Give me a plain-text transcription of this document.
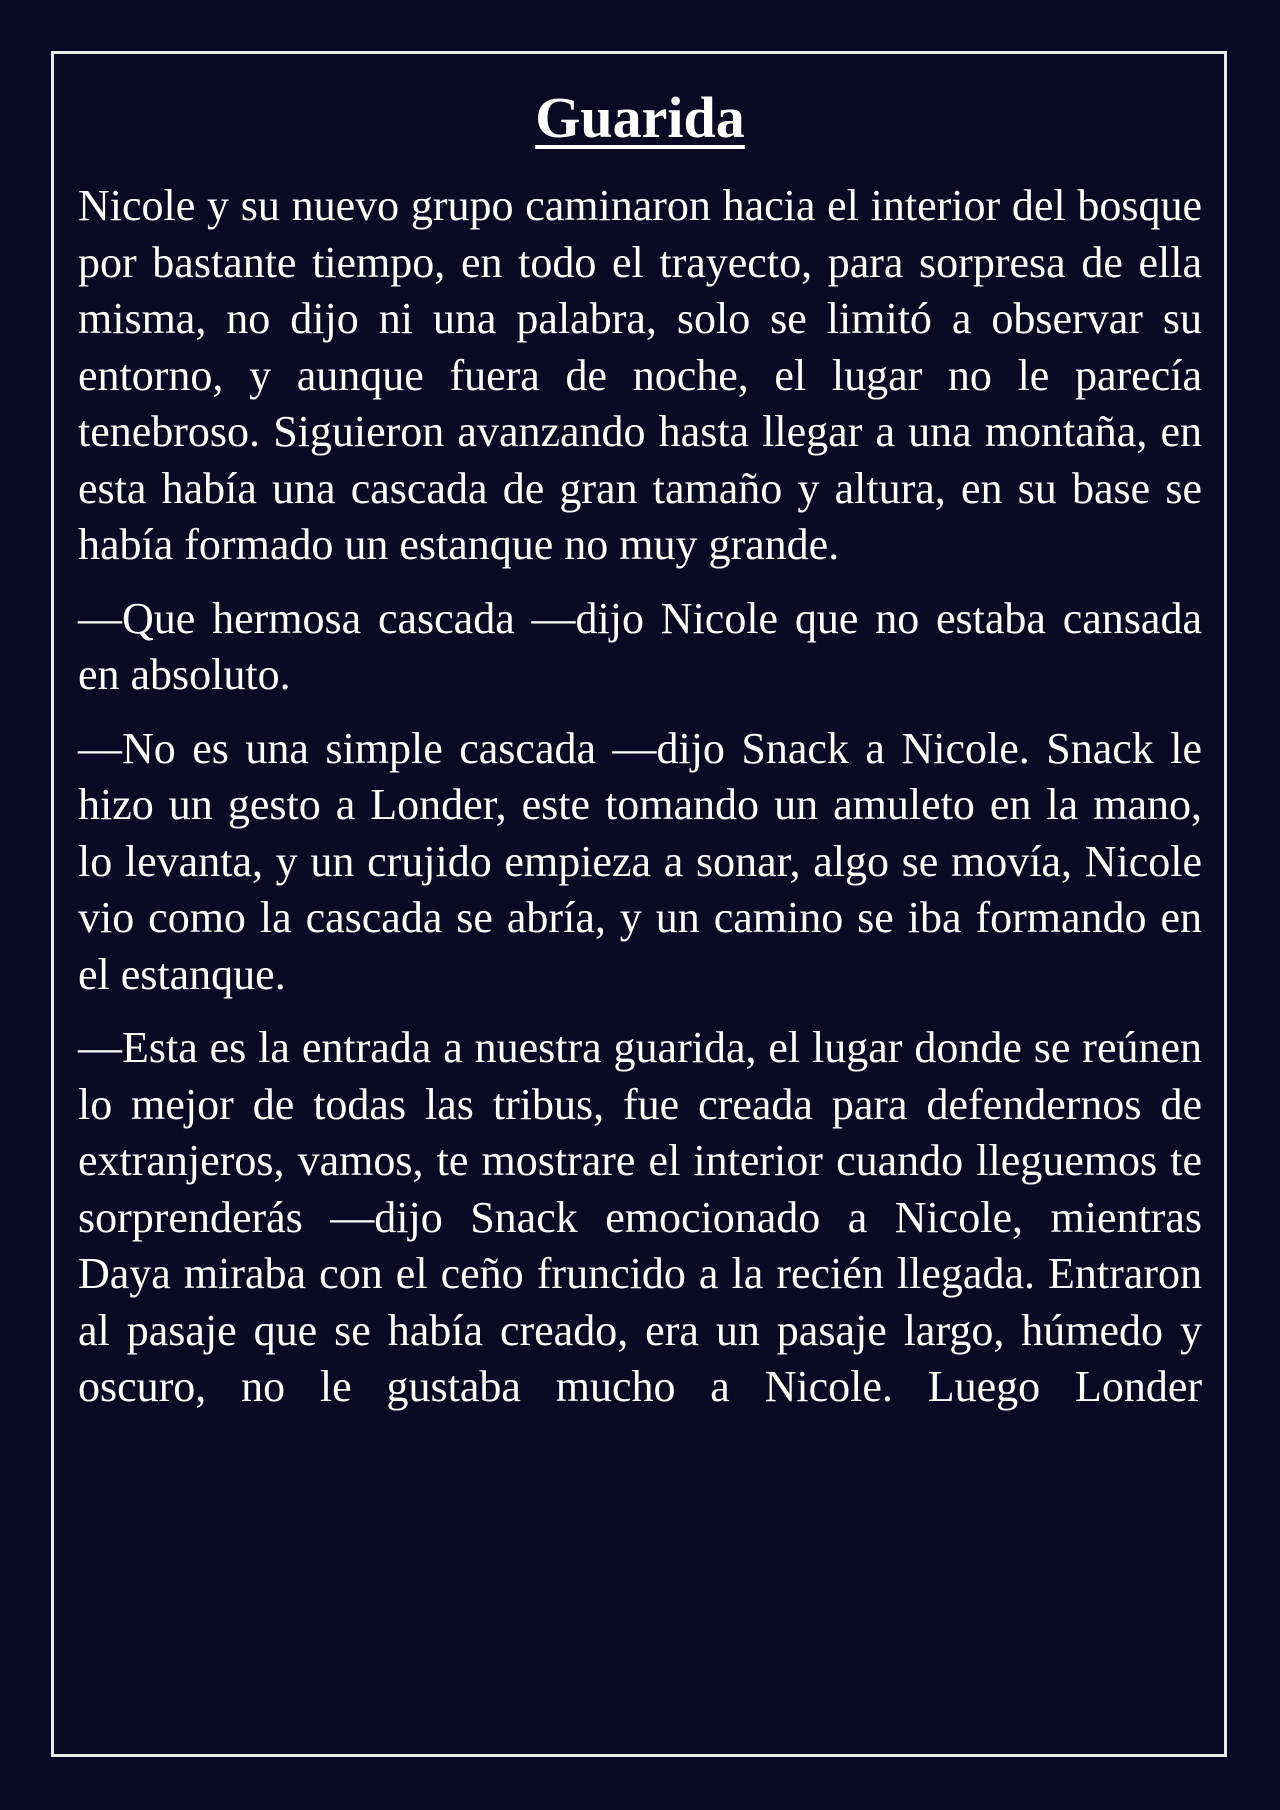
Guarida

Nicole y su nuevo grupo caminaron hacia el interior del bosque por bastante tiempo, en todo el trayecto, para sorpresa de ella misma, no dijo ni una palabra, solo se limitó a observar su entorno, y aunque fuera de noche, el lugar no le parecía tenebroso. Siguieron avanzando hasta llegar a una montaña, en esta había una cascada de gran tamaño y altura, en su base se había formado un estanque no muy grande.

—Que hermosa cascada —dijo Nicole que no estaba cansada en absoluto.

—No es una simple cascada —dijo Snack a Nicole. Snack le hizo un gesto a Londer, este tomando un amuleto en la mano, lo levanta, y un crujido empieza a sonar, algo se movía, Nicole vio como la cascada se abría, y un camino se iba formando en el estanque.

—Esta es la entrada a nuestra guarida, el lugar donde se reúnen lo mejor de todas las tribus, fue creada para defendernos de extranjeros, vamos, te mostrare el interior cuando lleguemos te sorprenderás —dijo Snack emocionado a Nicole, mientras Daya miraba con el ceño fruncido a la recién llegada. Entraron al pasaje que se había creado, era un pasaje largo, húmedo y oscuro, no le gustaba mucho a Nicole. Luego Londer
